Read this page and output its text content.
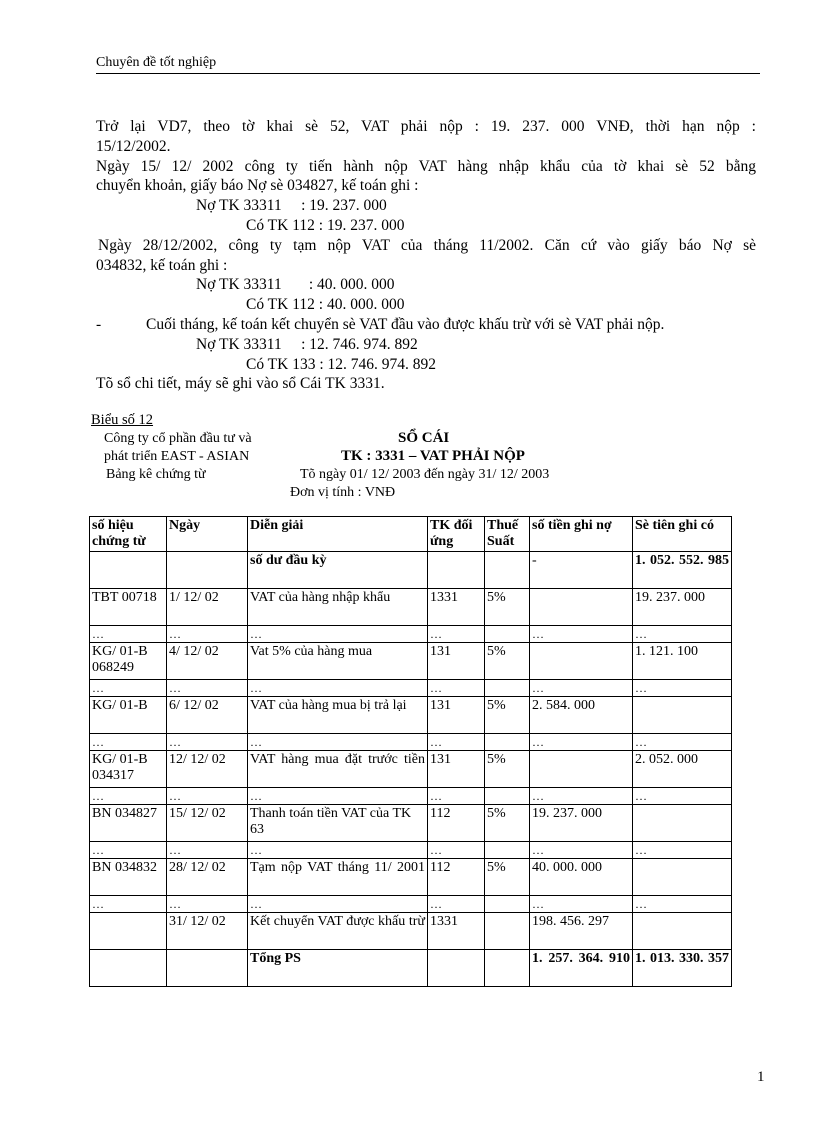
Chuyên đề tốt nghiệp

Trở lại VD7, theo tờ khai sè 52, VAT phải nộp : 19. 237. 000 VNĐ, thời hạn nộp :

15/12/2002.

Ngày 15/ 12/ 2002 công ty tiến hành nộp VAT hàng nhập khẩu của tờ khai sè 52 bằng

chuyển khoản, giấy báo Nợ sè 034827, kế toán ghi :

Nợ TK 33311     : 19. 237. 000

Có TK 112 : 19. 237. 000

Ngày 28/12/2002, công ty tạm nộp VAT của tháng 11/2002. Căn cứ vào giấy báo Nợ sè

034832, kế toán ghi :

Nợ TK 33311       : 40. 000. 000

Có TK 112 : 40. 000. 000

-	Cuối tháng, kế toán kết chuyển sè VAT đầu vào được khấu trừ với sè VAT phải nộp.

Nợ TK 33311     : 12. 746. 974. 892

Có TK 133 : 12. 746. 974. 892

Tõ sổ chi tiết, máy sẽ ghi vào sổ Cái TK 3331.

Biểu số 12
Công ty cổ phần đầu tư và
phát triển EAST - ASIAN
Bảng kê chứng từ
SỔ CÁI
TK : 3331 – VAT PHẢI NỘP
Tõ ngày 01/ 12/ 2003 đến ngày 31/ 12/ 2003
Đơn vị tính : VNĐ
số hiệu chứng từ	Ngày	Diễn giải	TK đối ứng	Thuế Suất	số tiền ghi nợ	Sè tiên ghi có
		số dư đầu kỳ			-	1. 052. 552. 985
TBT 00718	1/ 12/ 02	VAT của hàng nhập khẩu	1331	5%		19. 237. 000
…	…	…	…		…	…
KG/ 01-B 068249	4/ 12/ 02	Vat 5% của hàng mua	131	5%		1. 121. 100
…	…	…	…		…	…
KG/ 01-B	6/ 12/ 02	VAT của hàng mua bị trả lại	131	5%	2. 584. 000	
…	…	…	…		…	…
KG/ 01-B 034317	12/ 12/ 02	VAT hàng mua đặt trước tiền	131	5%		2. 052. 000
…	…	…	…		…	…
BN 034827	15/ 12/ 02	Thanh toán tiền VAT của TK 63	112	5%	19. 237. 000	
…	…	…	…		…	…
BN 034832	28/ 12/ 02	Tạm nộp VAT tháng 11/ 2001	112	5%	40. 000. 000	
…	…	…	…		…	…
	31/ 12/ 02	Kết chuyển VAT được khấu trừ	1331		198. 456. 297	
		Tổng PS			1. 257. 364. 910	1. 013. 330. 357
1
